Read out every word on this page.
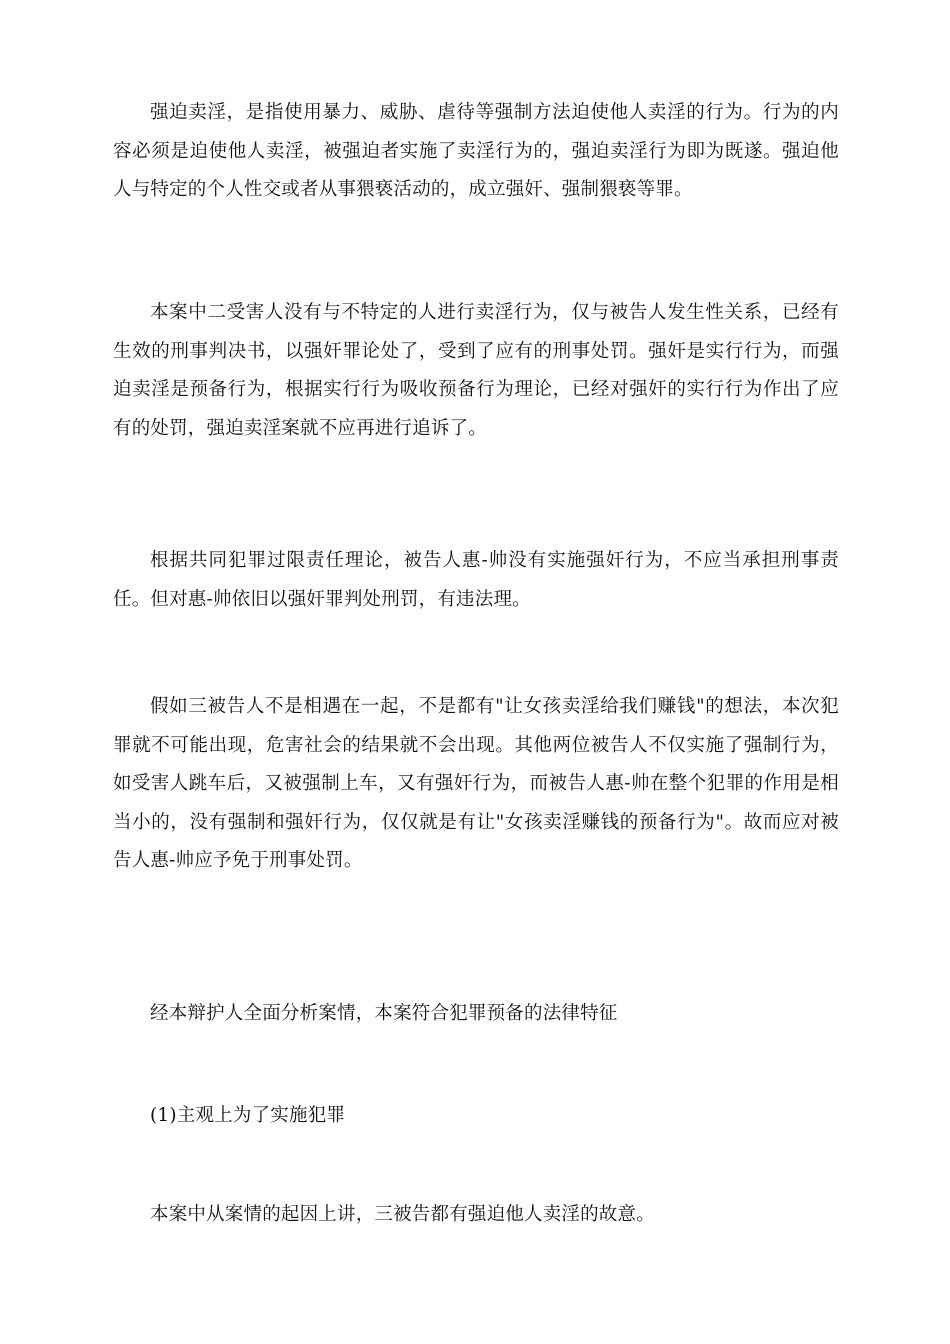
强迫卖淫，是指使用暴力、威胁、虐待等强制方法迫使他人卖淫的行为。行为的内容必须是迫使他人卖淫，被强迫者实施了卖淫行为的，强迫卖淫行为即为既遂。强迫他人与特定的个人性交或者从事猥亵活动的，成立强奸、强制猥亵等罪。

本案中二受害人没有与不特定的人进行卖淫行为，仅与被告人发生性关系，已经有生效的刑事判决书，以强奸罪论处了，受到了应有的刑事处罚。强奸是实行行为，而强迫卖淫是预备行为，根据实行行为吸收预备行为理论，已经对强奸的实行行为作出了应有的处罚，强迫卖淫案就不应再进行追诉了。

根据共同犯罪过限责任理论，被告人惠-帅没有实施强奸行为，不应当承担刑事责任。但对惠-帅依旧以强奸罪判处刑罚，有违法理。

假如三被告人不是相遇在一起，不是都有"让女孩卖淫给我们赚钱"的想法，本次犯罪就不可能出现，危害社会的结果就不会出现。其他两位被告人不仅实施了强制行为，如受害人跳车后，又被强制上车，又有强奸行为，而被告人惠-帅在整个犯罪的作用是相当小的，没有强制和强奸行为，仅仅就是有让"女孩卖淫赚钱的预备行为"。故而应对被告人惠-帅应予免于刑事处罚。

经本辩护人全面分析案情，本案符合犯罪预备的法律特征

(1)主观上为了实施犯罪

本案中从案情的起因上讲，三被告都有强迫他人卖淫的故意。
